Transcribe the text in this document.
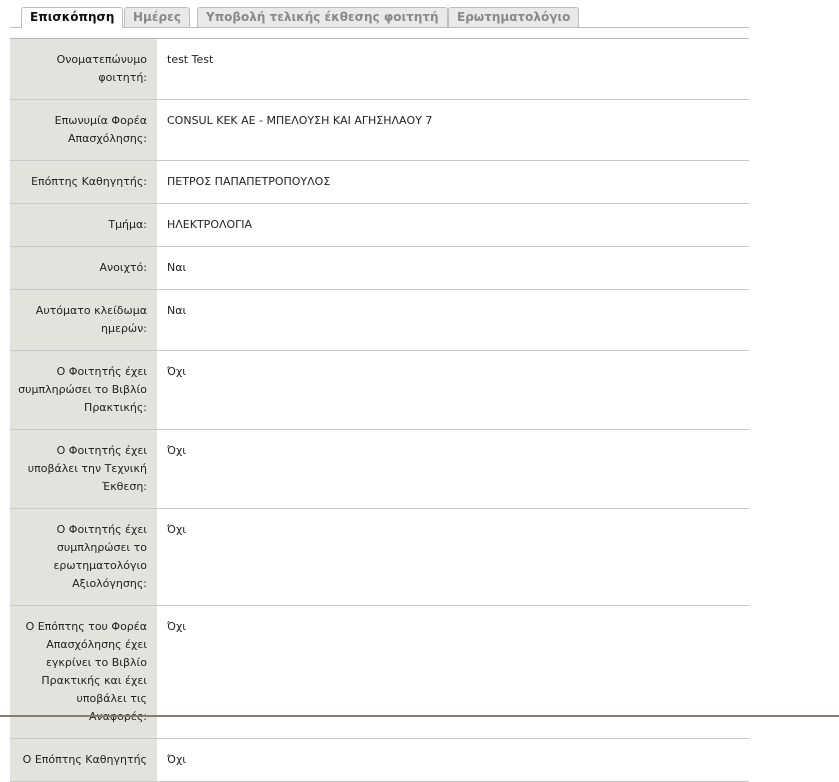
Επισκόπηση	Ημέρες	Υποβολή τελικής έκθεσης φοιτητή	Ερωτηματολόγιο
Ονοματεπώνυμο φοιτητή:	test Test

Επωνυμία Φορέα Απασχόλησης:	CONSUL ΚΕΚ ΑΕ - ΜΠΕΛΟΥΣΗ ΚΑΙ ΑΓΗΣΗΛΑΟΥ 7

Επόπτης Καθηγητής:	ΠΕΤΡΟΣ ΠΑΠΑΠΕΤΡΟΠΟΥΛΟΣ

Τμήμα:	ΗΛΕΚΤΡΟΛΟΓΙΑ

Ανοιχτό:	Ναι

Αυτόματο κλείδωμα ημερών:	Ναι

Ο Φοιτητής έχει συμπληρώσει το Βιβλίο Πρακτικής:	Όχι

Ο Φοιτητής έχει υποβάλει την Τεχνική Έκθεση:	Όχι

Ο Φοιτητής έχει συμπληρώσει το ερωτηματολόγιο Αξιολόγησης:	Όχι

Ο Επόπτης του Φορέα Απασχόλησης έχει εγκρίνει το Βιβλίο Πρακτικής και έχει υποβάλει τις	Όχι

Ο Επόπτης Καθηγητής	Όχι
